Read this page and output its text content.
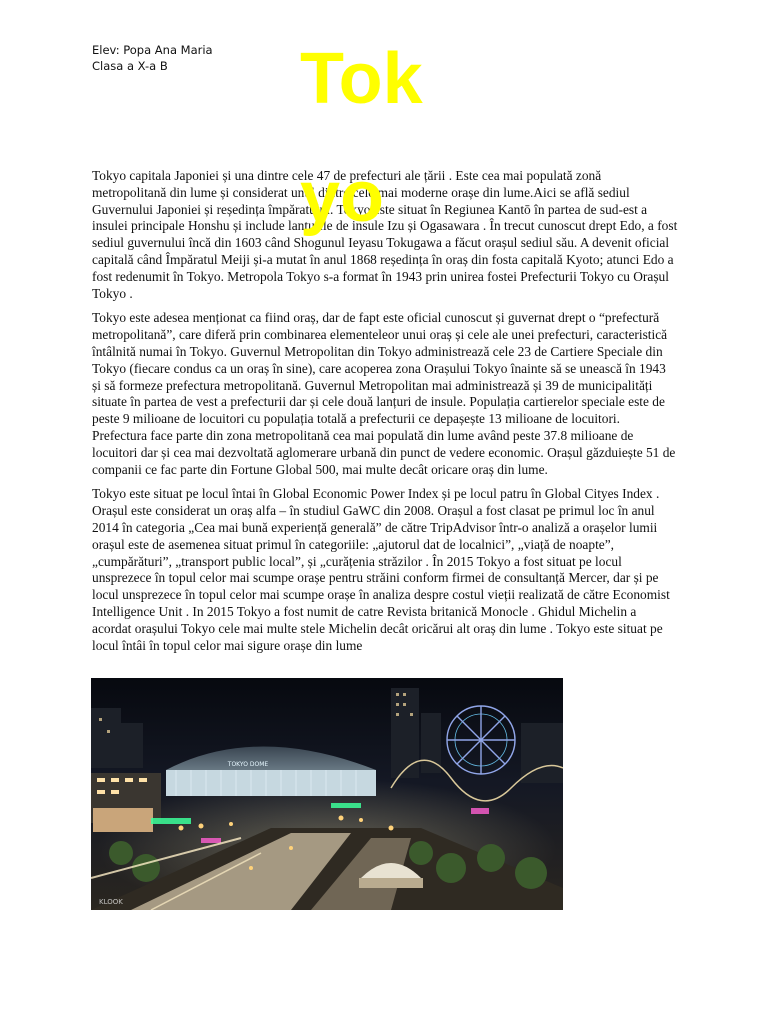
Elev: Popa Ana Maria
Clasa a X-a B	Tokyo

Tokyo capitala Japoniei și una dintre cele 47 de prefecturi ale țării . Este cea mai populată zonă metropolitană din lume și considerat unul dintre cele mai moderne orașe din lume.Aici se află sediul Guvernului Japoniei și reședința împăratului. Tokyo este situat în Regiunea Kantō în partea de sud-est a insulei principale Honshu și include lanțurile de insule Izu și Ogasawara . În trecut cunoscut drept Edo, a fost sediul guvernului încă din 1603 când Shogunul Ieyasu Tokugawa a făcut orașul sediul său. A devenit oficial capitală când Împăratul Meiji și-a mutat în anul 1868 reședința în oraș din fosta capitală Kyoto; atunci Edo a fost redenumit în Tokyo. Metropola Tokyo s-a format în 1943 prin unirea fostei Prefecturii Tokyo cu Orașul Tokyo .

Tokyo este adesea menționat ca fiind oraș, dar de fapt este oficial cunoscut și guvernat drept o “prefectură metropolitană”, care diferă prin combinarea elementeleor unui oraș și cele ale unei prefecturi, caracteristică întâlnită numai în Tokyo. Guvernul Metropolitan din Tokyo administrează cele 23 de Cartiere Speciale din Tokyo (fiecare condus ca un oraș în sine), care acoperea zona Orașului Tokyo înainte să se unească în 1943 și să formeze prefectura metropolitană. Guvernul Metropolitan mai administrează și 39 de municipalități situate în partea de vest a prefecturii dar și cele două lanțuri de insule. Populația cartierelor speciale este de peste 9 milioane de locuitori cu populația totală a prefecturii ce depașește 13 milioane de locuitori. Prefectura face parte din zona metropolitană cea mai populată din lume având peste 37.8 milioane de locuitori dar și cea mai dezvoltată aglomerare urbană din punct de vedere economic. Orașul găzduiește 51 de companii ce fac parte din Fortune Global 500, mai multe decât oricare oraș din lume.

Tokyo este situat pe locul întai în Global Economic Power Index și pe locul patru în Global Cityes Index . Orașul este considerat un oraș alfa – în studiul GaWC din 2008. Orașul a fost clasat pe primul loc în anul 2014 în categoria „Cea mai bună experiență generală” de către TripAdvisor într-o analiză a orașelor lumii orașul este de asemenea situat primul în categoriile: „ajutorul dat de localnici”, „viață de noapte”, „cumpărături”, „transport public local”, și „curățenia străzilor . În 2015 Tokyo a fost situat pe locul unsprezece în topul celor mai scumpe orașe pentru străini conform firmei de consultanță Mercer, dar și pe locul unsprezece în topul celor mai scumpe orașe în analiza despre costul vieții realizată de către Economist Intelligence Unit . In 2015 Tokyo a fost numit de catre Revista britanică Monocle . Ghidul Michelin a acordat orașului Tokyo cele mai multe stele Michelin decât oricărui alt oraș din lume . Tokyo este situat pe locul întâi în topul celor mai sigure orașe din lume

TOKYO DOME
KLOOK
